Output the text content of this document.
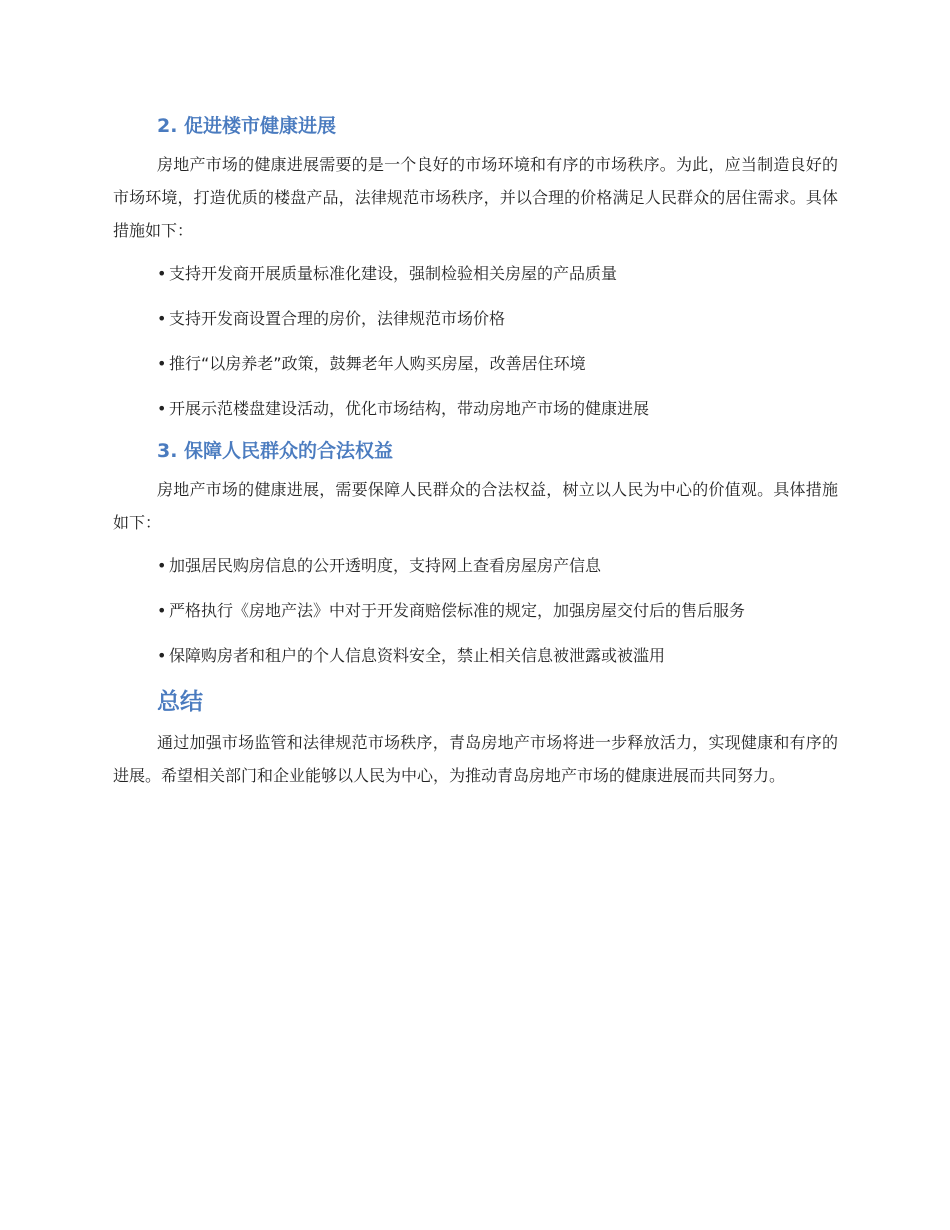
2. 促进楼市健康进展

房地产市场的健康进展需要的是一个良好的市场环境和有序的市场秩序。为此，应当制造良好的市场环境，打造优质的楼盘产品，法律规范市场秩序，并以合理的价格满足人民群众的居住需求。具体措施如下：

• 支持开发商开展质量标准化建设，强制检验相关房屋的产品质量
• 支持开发商设置合理的房价，法律规范市场价格
• 推行“以房养老”政策，鼓舞老年人购买房屋，改善居住环境
• 开展示范楼盘建设活动，优化市场结构，带动房地产市场的健康进展
3. 保障人民群众的合法权益

房地产市场的健康进展，需要保障人民群众的合法权益，树立以人民为中心的价值观。具体措施如下：

• 加强居民购房信息的公开透明度，支持网上查看房屋房产信息
• 严格执行《房地产法》中对于开发商赔偿标准的规定，加强房屋交付后的售后服务
• 保障购房者和租户的个人信息资料安全，禁止相关信息被泄露或被滥用
总结

通过加强市场监管和法律规范市场秩序，青岛房地产市场将进一步释放活力，实现健康和有序的进展。希望相关部门和企业能够以人民为中心，为推动青岛房地产市场的健康进展而共同努力。
